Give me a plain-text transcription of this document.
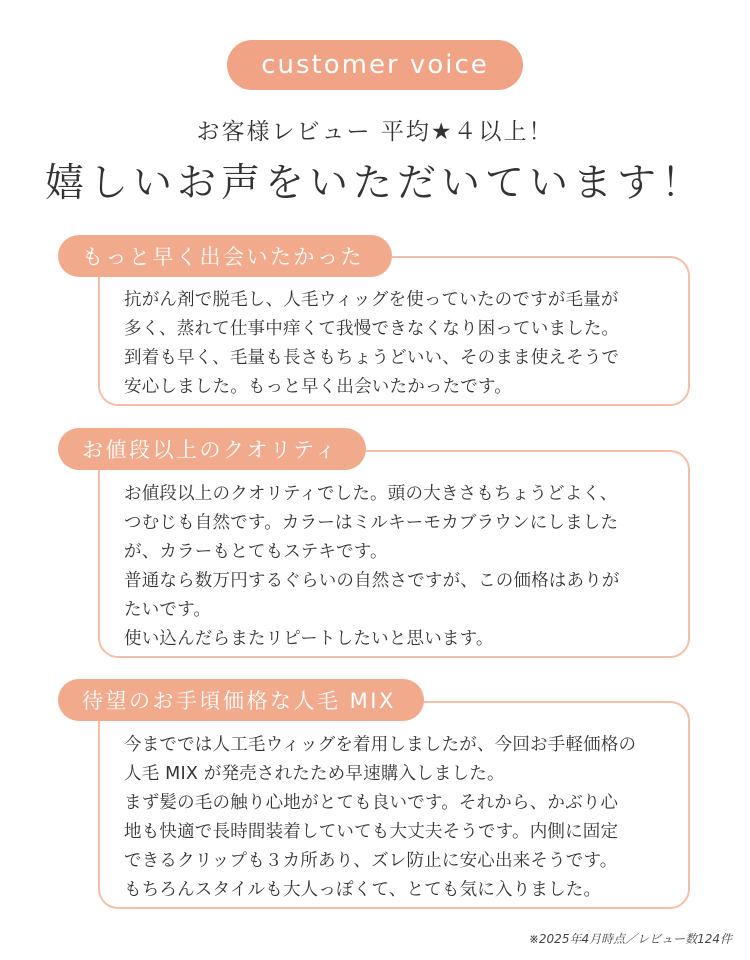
customer voice
お客様レビュー 平均★４以上！
嬉しいお声をいただいています！
抗がん剤で脱毛し、人毛ウィッグを使っていたのですが毛量が
多く、蒸れて仕事中痒くて我慢できなくなり困っていました。
到着も早く、毛量も長さもちょうどいい、そのまま使えそうで
安心しました。もっと早く出会いたかったです。
もっと早く出会いたかった
お値段以上のクオリティでした。頭の大きさもちょうどよく、
つむじも自然です。カラーはミルキーモカブラウンにしました
が、カラーもとてもステキです。
普通なら数万円するぐらいの自然さですが、この価格はありが
たいです。
使い込んだらまたリピートしたいと思います。
お値段以上のクオリティ
今まででは人工毛ウィッグを着用しましたが、今回お手軽価格の
人毛 MIX が発売されたため早速購入しました。
まず髪の毛の触り心地がとても良いです。それから、かぶり心
地も快適で長時間装着していても大丈夫そうです。内側に固定
できるクリップも３カ所あり、ズレ防止に安心出来そうです。
もちろんスタイルも大人っぽくて、とても気に入りました。
待望のお手頃価格な人毛 MIX
※2025年4月時点／レビュー数124件
